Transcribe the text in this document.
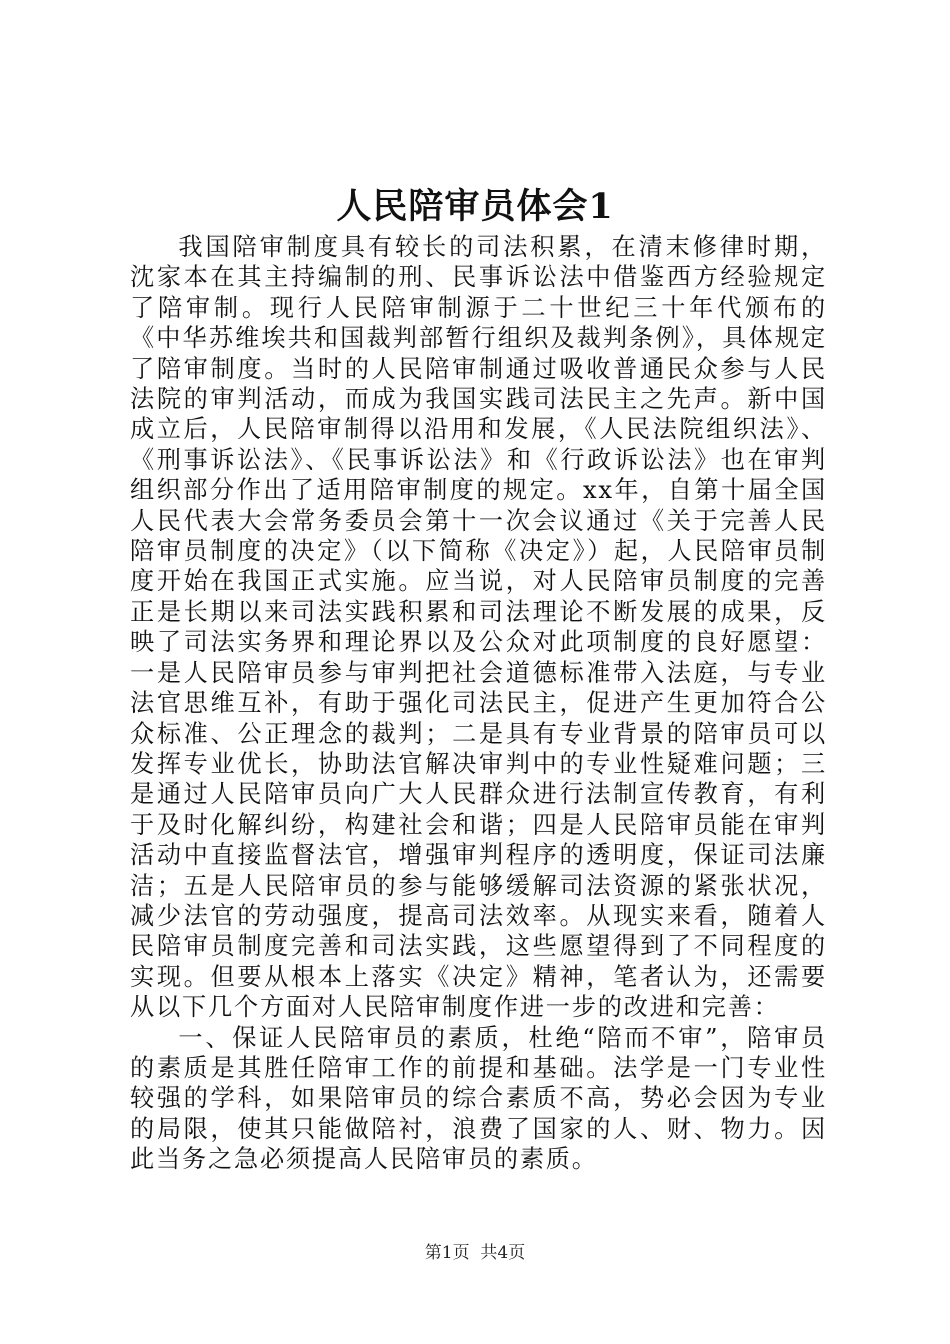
人民陪审员体会1

我国陪审制度具有较长的司法积累，在清末修律时期，沈家本在其主持编制的刑、民事诉讼法中借鉴西方经验规定了陪审制。现行人民陪审制源于二十世纪三十年代颁布的《中华苏维埃共和国裁判部暂行组织及裁判条例》，具体规定了陪审制度。当时的人民陪审制通过吸收普通民众参与人民法院的审判活动，而成为我国实践司法民主之先声。新中国成立后，人民陪审制得以沿用和发展，《人民法院组织法》、《刑事诉讼法》、《民事诉讼法》和《行政诉讼法》也在审判组织部分作出了适用陪审制度的规定。xx年，自第十届全国人民代表大会常务委员会第十一次会议通过《关于完善人民陪审员制度的决定》（以下简称《决定》）起，人民陪审员制度开始在我国正式实施。应当说，对人民陪审员制度的完善正是长期以来司法实践积累和司法理论不断发展的成果，反映了司法实务界和理论界以及公众对此项制度的良好愿望：一是人民陪审员参与审判把社会道德标准带入法庭，与专业法官思维互补，有助于强化司法民主，促进产生更加符合公众标准、公正理念的裁判；二是具有专业背景的陪审员可以发挥专业优长，协助法官解决审判中的专业性疑难问题；三是通过人民陪审员向广大人民群众进行法制宣传教育，有利于及时化解纠纷，构建社会和谐；四是人民陪审员能在审判活动中直接监督法官，增强审判程序的透明度，保证司法廉洁；五是人民陪审员的参与能够缓解司法资源的紧张状况，减少法官的劳动强度，提高司法效率。从现实来看，随着人民陪审员制度完善和司法实践，这些愿望得到了不同程度的实现。但要从根本上落实《决定》精神，笔者认为，还需要从以下几个方面对人民陪审制度作进一步的改进和完善：

一、保证人民陪审员的素质，杜绝“陪而不审”，陪审员的素质是其胜任陪审工作的前提和基础。法学是一门专业性较强的学科，如果陪审员的综合素质不高，势必会因为专业的局限，使其只能做陪衬，浪费了国家的人、财、物力。因此当务之急必须提高人民陪审员的素质。

第1页  共4页
